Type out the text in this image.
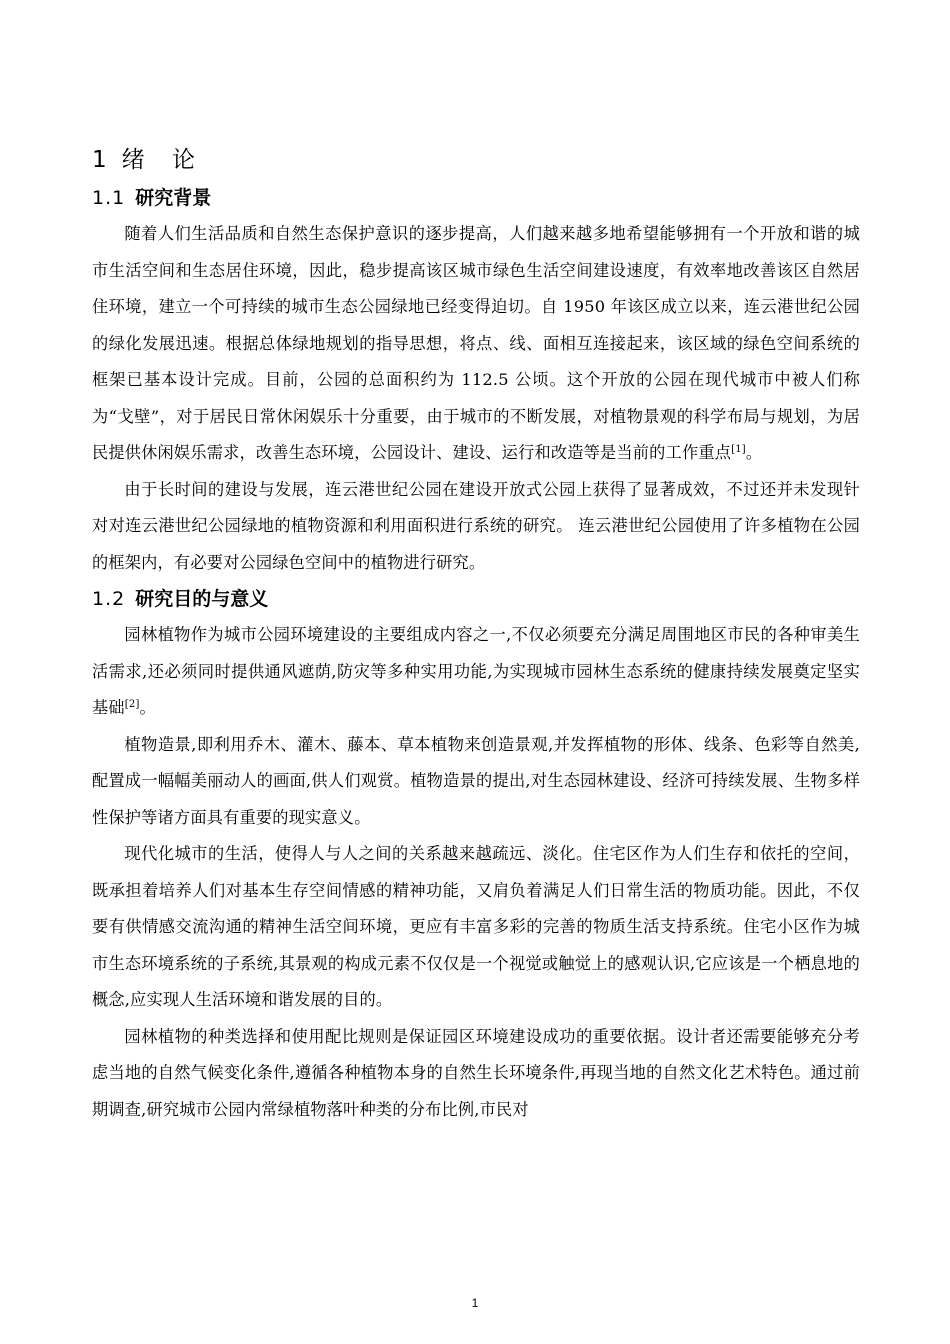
1 绪 论
1.1 研究背景

随着人们生活品质和自然生态保护意识的逐步提高，人们越来越多地希望能够拥有一个开放和谐的城市生活空间和生态居住环境，因此，稳步提高该区城市绿色生活空间建设速度，有效率地改善该区自然居住环境，建立一个可持续的城市生态公园绿地已经变得迫切。自 1950 年该区成立以来，连云港世纪公园的绿化发展迅速。根据总体绿地规划的指导思想，将点、线、面相互连接起来，该区域的绿色空间系统的框架已基本设计完成。目前，公园的总面积约为 112.5 公顷。这个开放的公园在现代城市中被人们称为“戈壁”，对于居民日常休闲娱乐十分重要，由于城市的不断发展，对植物景观的科学布局与规划，为居民提供休闲娱乐需求，改善生态环境，公园设计、建设、运行和改造等是当前的工作重点[1]。

由于长时间的建设与发展，连云港世纪公园在建设开放式公园上获得了显著成效，不过还并未发现针对对连云港世纪公园绿地的植物资源和利用面积进行系统的研究。 连云港世纪公园使用了许多植物在公园的框架内，有必要对公园绿色空间中的植物进行研究。

1.2 研究目的与意义

园林植物作为城市公园环境建设的主要组成内容之一,不仅必须要充分满足周围地区市民的各种审美生活需求,还必须同时提供通风遮荫,防灾等多种实用功能,为实现城市园林生态系统的健康持续发展奠定坚实基础[2]。

植物造景,即利用乔木、灌木、藤本、草本植物来创造景观,并发挥植物的形体、线条、色彩等自然美,配置成一幅幅美丽动人的画面,供人们观赏。植物造景的提出,对生态园林建设、经济可持续发展、生物多样性保护等诸方面具有重要的现实意义。

现代化城市的生活，使得人与人之间的关系越来越疏远、淡化。住宅区作为人们生存和依托的空间，既承担着培养人们对基本生存空间情感的精神功能，又肩负着满足人们日常生活的物质功能。因此，不仅要有供情感交流沟通的精神生活空间环境，更应有丰富多彩的完善的物质生活支持系统。住宅小区作为城市生态环境系统的子系统,其景观的构成元素不仅仅是一个视觉或触觉上的感观认识,它应该是一个栖息地的概念,应实现人生活环境和谐发展的目的。

园林植物的种类选择和使用配比规则是保证园区环境建设成功的重要依据。设计者还需要能够充分考虑当地的自然气候变化条件,遵循各种植物本身的自然生长环境条件,再现当地的自然文化艺术特色。通过前期调查,研究城市公园内常绿植物落叶种类的分布比例,市民对

1
